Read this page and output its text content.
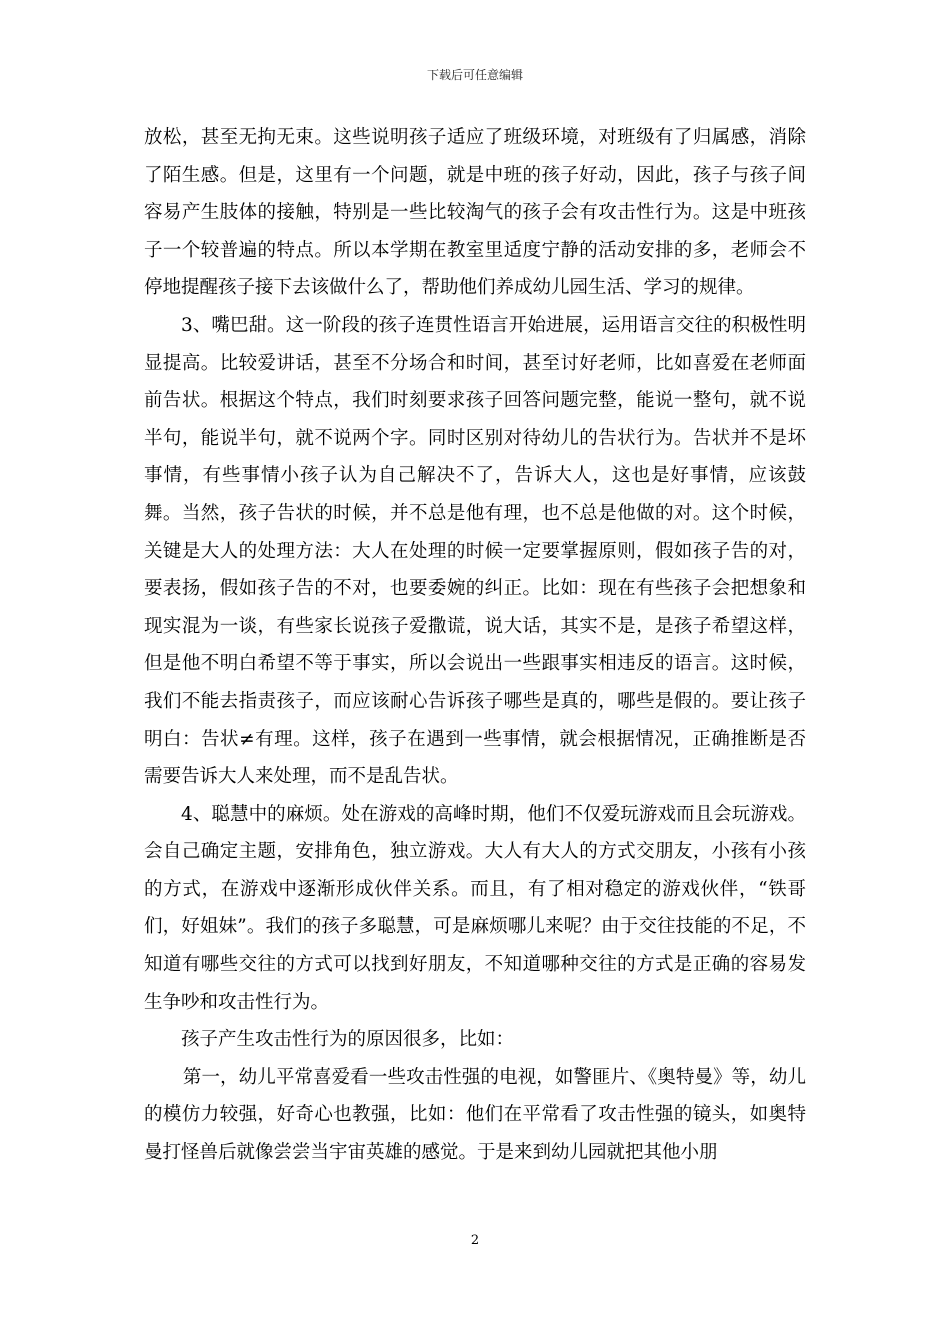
下载后可任意编辑

放松，甚至无拘无束。这些说明孩子适应了班级环境，对班级有了归属感，消除了陌生感。但是，这里有一个问题，就是中班的孩子好动，因此，孩子与孩子间容易产生肢体的接触，特别是一些比较淘气的孩子会有攻击性行为。这是中班孩子一个较普遍的特点。所以本学期在教室里适度宁静的活动安排的多，老师会不停地提醒孩子接下去该做什么了，帮助他们养成幼儿园生活、学习的规律。

3、嘴巴甜。这一阶段的孩子连贯性语言开始进展，运用语言交往的积极性明显提高。比较爱讲话，甚至不分场合和时间，甚至讨好老师，比如喜爱在老师面前告状。根据这个特点，我们时刻要求孩子回答问题完整，能说一整句，就不说半句，能说半句，就不说两个字。同时区别对待幼儿的告状行为。告状并不是坏事情，有些事情小孩子认为自己解决不了，告诉大人，这也是好事情，应该鼓舞。当然，孩子告状的时候，并不总是他有理，也不总是他做的对。这个时候，关键是大人的处理方法：大人在处理的时候一定要掌握原则，假如孩子告的对，要表扬，假如孩子告的不对，也要委婉的纠正。比如：现在有些孩子会把想象和现实混为一谈，有些家长说孩子爱撒谎，说大话，其实不是，是孩子希望这样，但是他不明白希望不等于事实，所以会说出一些跟事实相违反的语言。这时候，我们不能去指责孩子，而应该耐心告诉孩子哪些是真的，哪些是假的。要让孩子明白：告状≠有理。这样，孩子在遇到一些事情，就会根据情况，正确推断是否需要告诉大人来处理，而不是乱告状。

4、聪慧中的麻烦。处在游戏的高峰时期，他们不仅爱玩游戏而且会玩游戏。会自己确定主题，安排角色，独立游戏。大人有大人的方式交朋友，小孩有小孩的方式，在游戏中逐渐形成伙伴关系。而且，有了相对稳定的游戏伙伴，“铁哥们，好姐妹”。我们的孩子多聪慧，可是麻烦哪儿来呢？由于交往技能的不足，不知道有哪些交往的方式可以找到好朋友，不知道哪种交往的方式是正确的容易发生争吵和攻击性行为。

孩子产生攻击性行为的原因很多，比如：

第一，幼儿平常喜爱看一些攻击性强的电视，如警匪片、《奥特曼》等，幼儿的模仿力较强，好奇心也教强，比如：他们在平常看了攻击性强的镜头，如奥特曼打怪兽后就像尝尝当宇宙英雄的感觉。于是来到幼儿园就把其他小朋

2
